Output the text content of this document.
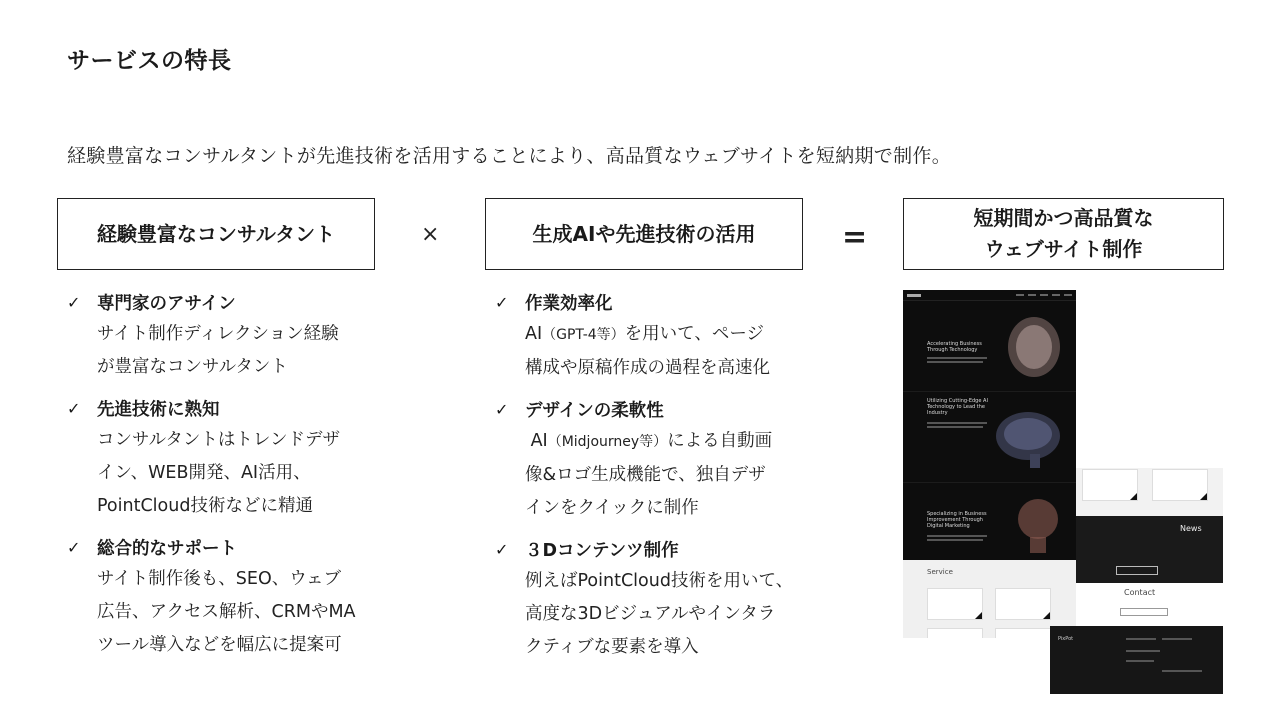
サービスの特長
経験豊富なコンサルタントが先進技術を活用することにより、高品質なウェブサイトを短納期で制作。
経験豊富なコンサルタント	×	生成AIや先進技術の活用	=
短期間かつ高品質な
ウェブサイト制作
✓ 専門家のアサイン
サイト制作ディレクション経験
が豊富なコンサルタント
✓ 先進技術に熟知
コンサルタントはトレンドデザ
イン、WEB開発、AI活用、
PointCloud技術などに精通
✓ 総合的なサポート
サイト制作後も、SEO、ウェブ
広告、アクセス解析、CRMやMA
ツール導入などを幅広に提案可
✓ 作業効率化
AI（GPT-4等）を用いて、ページ
構成や原稿作成の過程を高速化
✓ デザインの柔軟性
AI（Midjourney等）による自動画
像&ロゴ生成機能で、独自デザ
インをクイックに制作
✓ ３Dコンテンツ制作
例えばPointCloud技術を用いて、
高度な3Dビジュアルやインタラ
クティブな要素を導入
Accelerating Business Through Technology
Utilizing Cutting-Edge AI Technology to Lead the Industry
Specializing in Business Improvement Through Digital Marketing
Service
News
Contact
PixPot
